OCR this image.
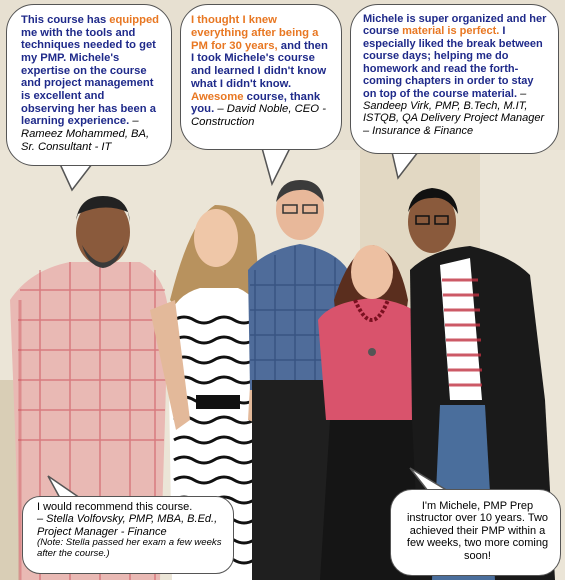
This course has equipped me with the tools and techniques needed to get my PMP. Michele's expertise on the course and project management is excellent and observing her has been a learning experience. – Rameez Mohammed, BA, Sr. Consultant - IT
I thought I knew everything after being a PM for 30 years, and then I took Michele's course and learned I didn't know what I didn't know. Awesome course, thank you. – David Noble, CEO - Construction
Michele is super organized and her course material is perfect. I especially liked the break between course days; helping me do homework and read the forth-coming chapters in order to stay on top of the course material. – Sandeep Virk, PMP, B.Tech, M.IT, ISTQB, QA Delivery Project Manager – Insurance & Finance
I would recommend this course.
– Stella Volfovsky, PMP, MBA, B.Ed., Project Manager - Finance
(Note: Stella passed her exam a few weeks after the course.)
I'm Michele, PMP Prep instructor over 10 years. Two achieved their PMP within a few weeks, two more coming soon!
